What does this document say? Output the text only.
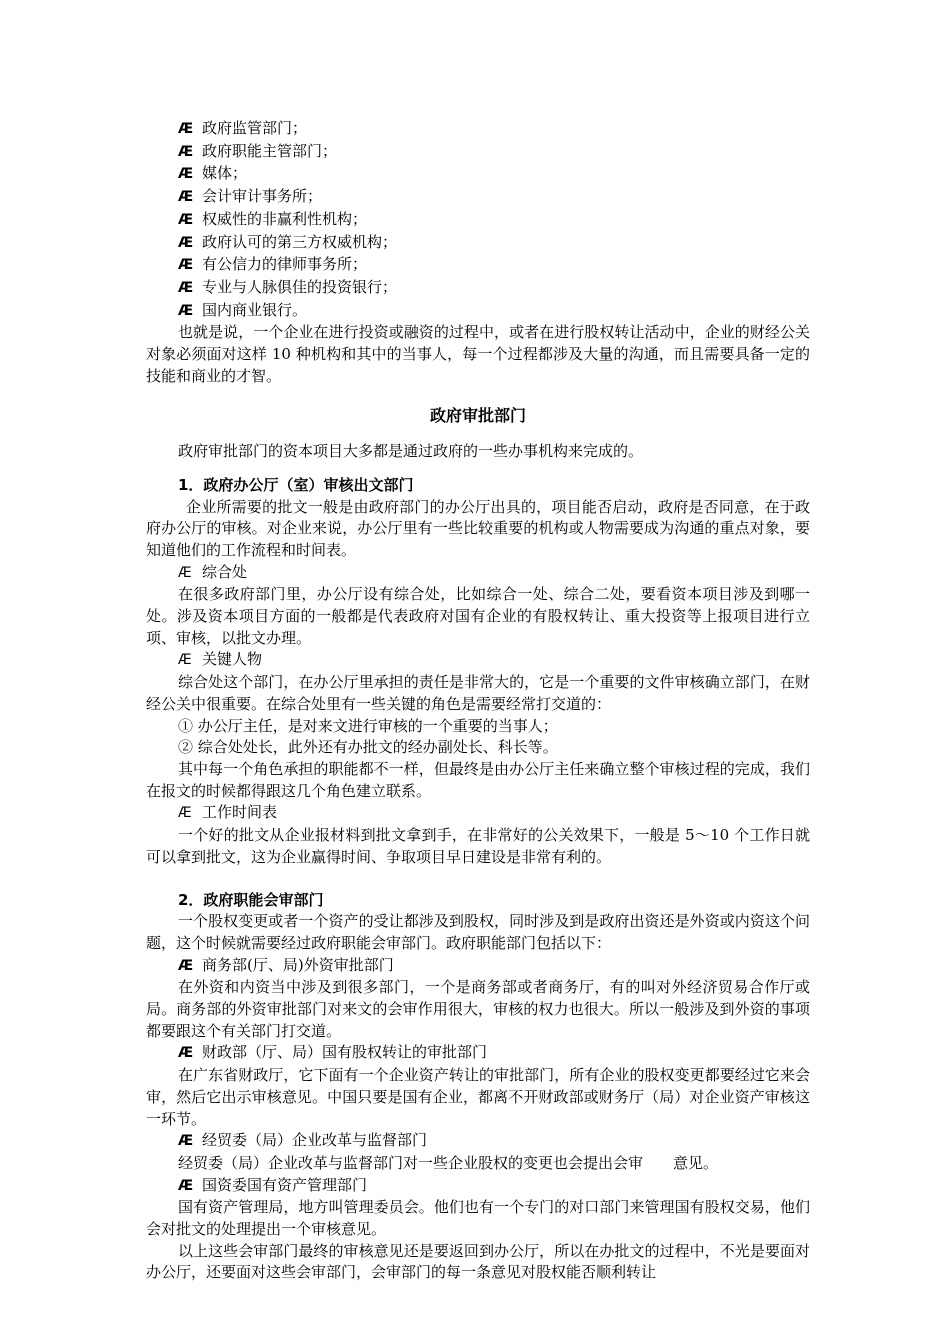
Æ 政府监管部门；
Æ 政府职能主管部门；
Æ 媒体；
Æ 会计审计事务所；
Æ 权威性的非赢利性机构；
Æ 政府认可的第三方权威机构；
Æ 有公信力的律师事务所；
Æ 专业与人脉俱佳的投资银行；
Æ 国内商业银行。

也就是说，一个企业在进行投资或融资的过程中，或者在进行股权转让活动中，企业的财经公关对象必须面对这样 10 种机构和其中的当事人，每一个过程都涉及大量的沟通，而且需要具备一定的技能和商业的才智。

政府审批部门

政府审批部门的资本项目大多都是通过政府的一些办事机构来完成的。

1．政府办公厅（室）审核出文部门

企业所需要的批文一般是由政府部门的办公厅出具的，项目能否启动，政府是否同意，在于政府办公厅的审核。对企业来说，办公厅里有一些比较重要的机构或人物需要成为沟通的重点对象，要知道他们的工作流程和时间表。

Æ 综合处

在很多政府部门里，办公厅设有综合处，比如综合一处、综合二处，要看资本项目涉及到哪一处。涉及资本项目方面的一般都是代表政府对国有企业的有股权转让、重大投资等上报项目进行立项、审核，以批文办理。

Æ 关键人物

综合处这个部门，在办公厅里承担的责任是非常大的，它是一个重要的文件审核确立部门，在财经公关中很重要。在综合处里有一些关键的角色是需要经常打交道的：

① 办公厅主任，是对来文进行审核的一个重要的当事人；
② 综合处处长，此外还有办批文的经办副处长、科长等。

其中每一个角色承担的职能都不一样，但最终是由办公厅主任来确立整个审核过程的完成，我们在报文的时候都得跟这几个角色建立联系。

Æ 工作时间表

一个好的批文从企业报材料到批文拿到手，在非常好的公关效果下，一般是 5～10 个工作日就可以拿到批文，这为企业赢得时间、争取项目早日建设是非常有利的。

2．政府职能会审部门

一个股权变更或者一个资产的受让都涉及到股权，同时涉及到是政府出资还是外资或内资这个问题，这个时候就需要经过政府职能会审部门。政府职能部门包括以下：

Æ 商务部(厅、局)外资审批部门

在外资和内资当中涉及到很多部门，一个是商务部或者商务厅，有的叫对外经济贸易合作厅或局。商务部的外资审批部门对来文的会审作用很大，审核的权力也很大。所以一般涉及到外资的事项都要跟这个有关部门打交道。

Æ 财政部（厅、局）国有股权转让的审批部门

在广东省财政厅，它下面有一个企业资产转让的审批部门，所有企业的股权变更都要经过它来会审，然后它出示审核意见。中国只要是国有企业，都离不开财政部或财务厅（局）对企业资产审核这一环节。

Æ 经贸委（局）企业改革与监督部门

经贸委（局）企业改革与监督部门对一些企业股权的变更也会提出会审　　意见。

Æ 国资委国有资产管理部门

国有资产管理局，地方叫管理委员会。他们也有一个专门的对口部门来管理国有股权交易，他们会对批文的处理提出一个审核意见。

以上这些会审部门最终的审核意见还是要返回到办公厅，所以在办批文的过程中，不光是要面对办公厅，还要面对这些会审部门，会审部门的每一条意见对股权能否顺利转让
